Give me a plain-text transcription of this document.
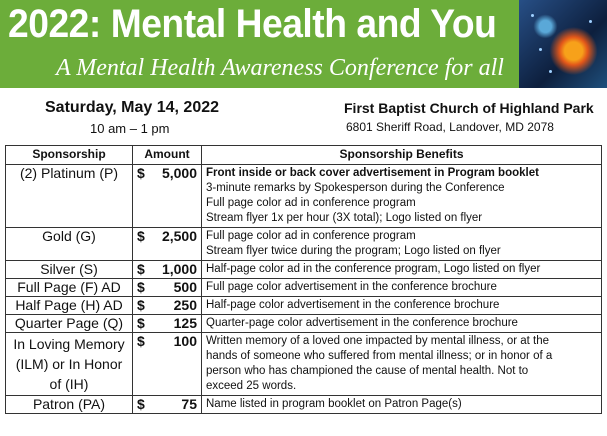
2022: Mental Health and You
A Mental Health Awareness Conference for all
Saturday, May 14, 2022
10 am – 1 pm
First Baptist Church of Highland Park
6801 Sheriff Road, Landover, MD 2078
Sponsorship	Amount	Sponsorship Benefits
(2) Platinum (P)	$ 5,000	Front inside or back cover advertisement in Program booklet
3-minute remarks by Spokesperson during the Conference
Full page color ad in conference program
Stream flyer 1x per hour (3X total); Logo listed on flyer

Gold (G)	$ 2,500	Full page color ad in conference program
Stream flyer twice during the program; Logo listed on flyer

Silver (S)	$ 1,000	Half-page color ad in the conference program, Logo listed on flyer

Full Page (F) AD	$ 500	Full page color advertisement in the conference brochure

Half Page (H) AD	$ 250	Half-page color advertisement in the conference brochure

Quarter Page (Q)	$ 125	Quarter-page color advertisement in the conference brochure

In Loving Memory (ILM) or In Honor of (IH)	$ 100	Written memory of a loved one impacted by mental illness, or at the
hands of someone who suffered from mental illness; or in honor of a
person who has championed the cause of mental health. Not to
exceed 25 words.

Patron (PA)	$ 75	Name listed in program booklet on Patron Page(s)
